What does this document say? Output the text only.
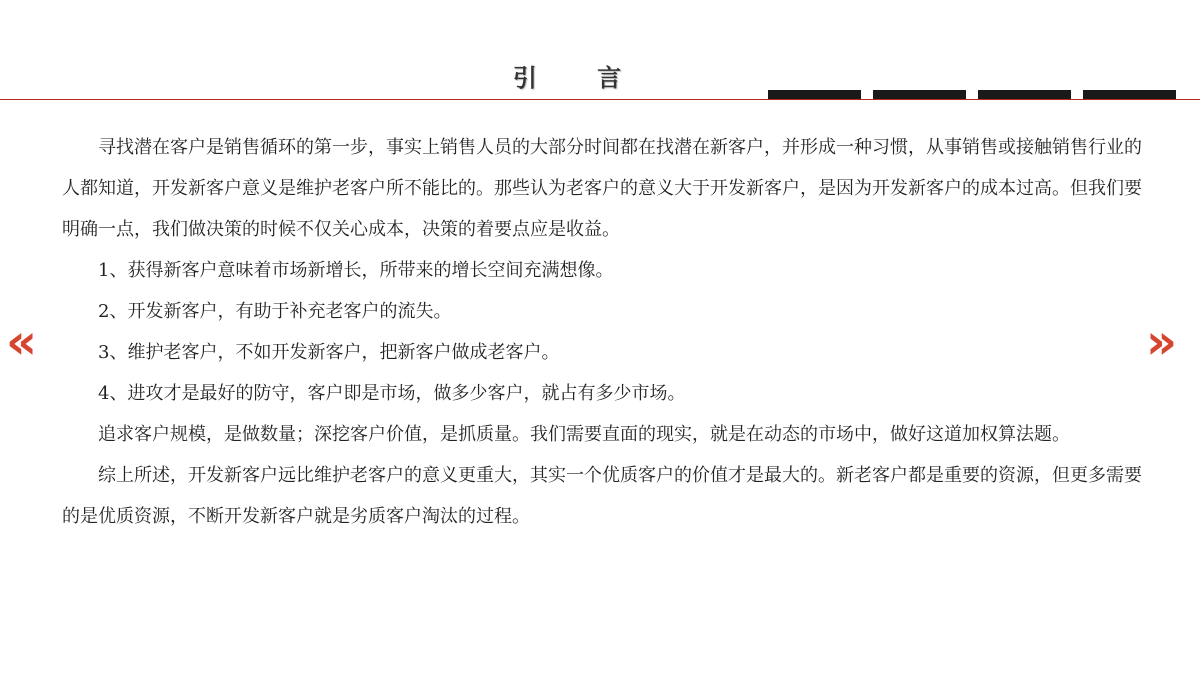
引 言
«	»

寻找潜在客户是销售循环的第一步，事实上销售人员的大部分时间都在找潜在新客户，并形成一种习惯，从事销售或接触销售行业的人都知道，开发新客户意义是维护老客户所不能比的。那些认为老客户的意义大于开发新客户，是因为开发新客户的成本过高。但我们要明确一点，我们做决策的时候不仅关心成本，决策的着要点应是收益。

1、获得新客户意味着市场新增长，所带来的增长空间充满想像。

2、开发新客户，有助于补充老客户的流失。

3、维护老客户，不如开发新客户，把新客户做成老客户。

4、进攻才是最好的防守，客户即是市场，做多少客户，就占有多少市场。

追求客户规模，是做数量；深挖客户价值，是抓质量。我们需要直面的现实，就是在动态的市场中，做好这道加权算法题。

综上所述，开发新客户远比维护老客户的意义更重大，其实一个优质客户的价值才是最大的。新老客户都是重要的资源，但更多需要的是优质资源，不断开发新客户就是劣质客户淘汰的过程。
